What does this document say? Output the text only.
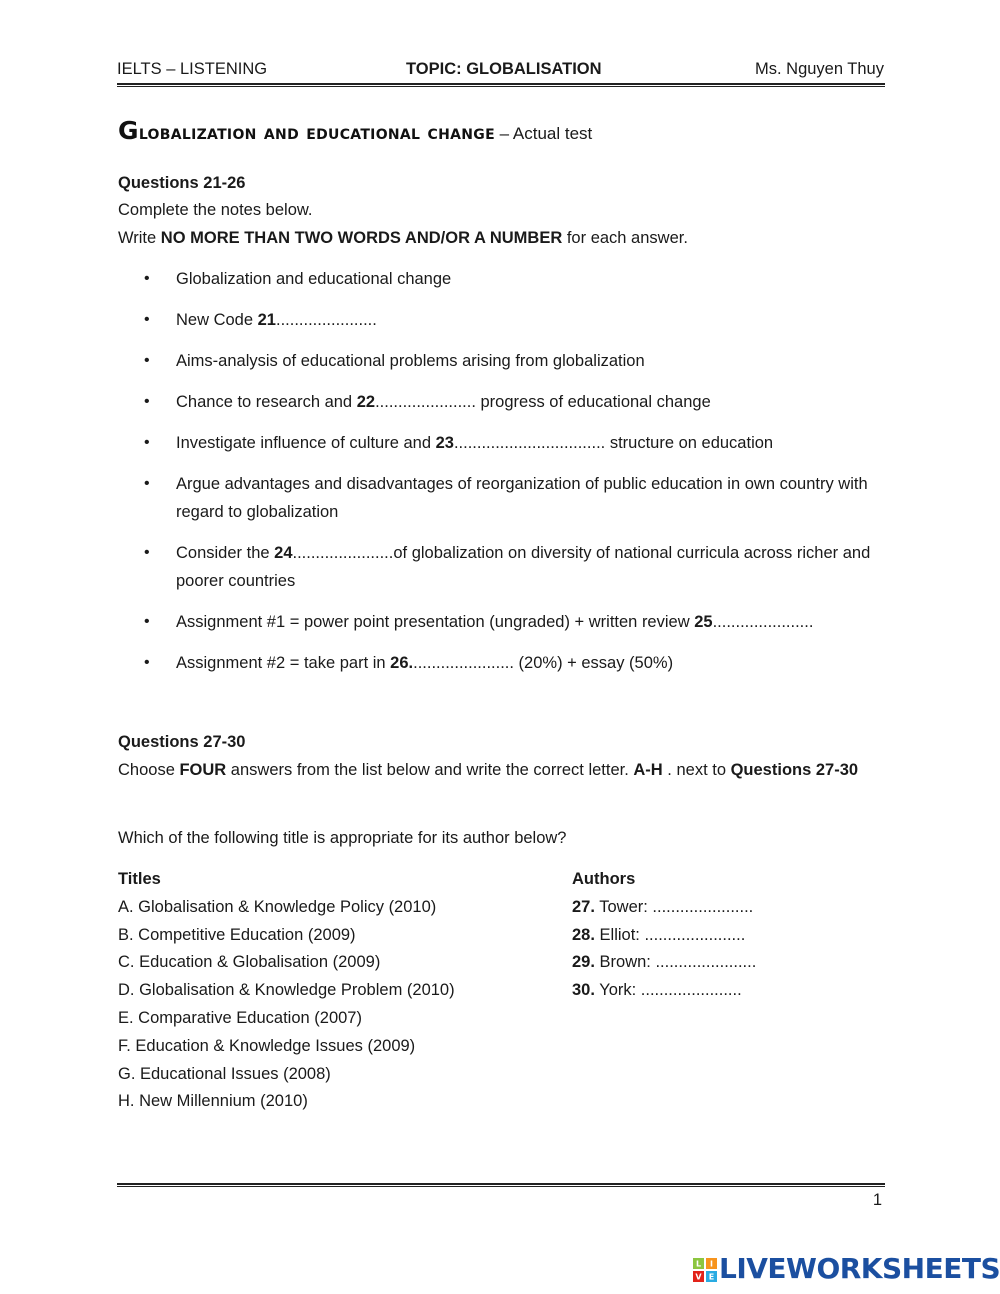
IELTS – LISTENING	TOPIC: GLOBALISATION	Ms. Nguyen Thuy
Globalization and educational change – Actual test
Questions 21-26
Complete the notes below.
Write NO MORE THAN TWO WORDS AND/OR A NUMBER for each answer.
• Globalization and educational change
• New Code 21......................
• Aims-analysis of educational problems arising from globalization
• Chance to research and 22...................... progress of educational change
• Investigate influence of culture and 23................................. structure on education
• Argue advantages and disadvantages of reorganization of public education in own country with regard to globalization
• Consider the 24......................of globalization on diversity of national curricula across richer and poorer countries
• Assignment #1 = power point presentation (ungraded) + written review 25......................
• Assignment #2 = take part in 26....................... (20%) + essay (50%)
Questions 27-30
Choose FOUR answers from the list below and write the correct letter. A-H . next to Questions 27-30
Which of the following title is appropriate for its author below?
Titles
A. Globalisation & Knowledge Policy (2010)
B. Competitive Education (2009)
C. Education & Globalisation (2009)
D. Globalisation & Knowledge Problem (2010)
E. Comparative Education (2007)
F. Education & Knowledge Issues (2009)
G. Educational Issues (2008)
H. New Millennium (2010)
Authors
27. Tower: ......................
28. Elliot: ......................
29. Brown: ......................
30. York: ......................
1
L I
V E LIVEWORKSHEETS
